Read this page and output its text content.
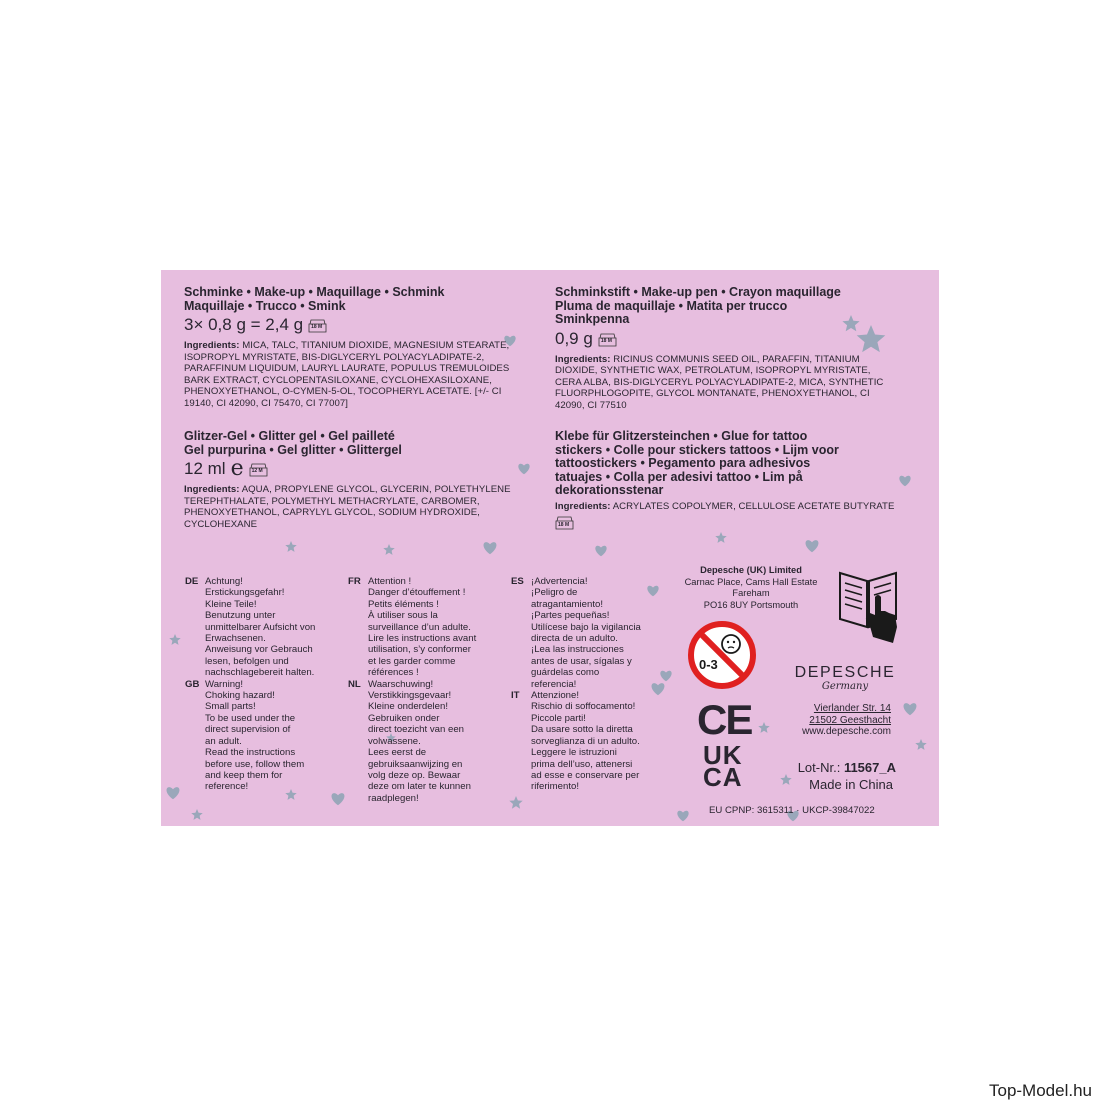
Schminke • Make-up • Maquillage • Schmink
Maquillaje • Trucco • Smink
3× 0,8 g = 2,4 g 18 M
Ingredients: MICA, TALC, TITANIUM DIOXIDE, MAGNESIUM STEARATE, ISOPROPYL MYRISTATE, BIS-DIGLYCERYL POLYACYLADIPATE-2, PARAFFINUM LIQUIDUM, LAURYL LAURATE, POPULUS TREMULOIDES BARK EXTRACT, CYCLOPENTASILOXANE, CYCLOHEXASILOXANE, PHENOXYETHANOL, O-CYMEN-5-OL, TOCOPHERYL ACETATE. [+/- CI 19140, CI 42090, CI 75470, CI 77007]
Schminkstift • Make-up pen • Crayon maquillage
Pluma de maquillaje • Matita per trucco
Sminkpenna
0,9 g 18 M
Ingredients: RICINUS COMMUNIS SEED OIL, PARAFFIN, TITANIUM DIOXIDE, SYNTHETIC WAX, PETROLATUM, ISOPROPYL MYRISTATE, CERA ALBA, BIS-DIGLYCERYL POLYACYLADIPATE-2, MICA, SYNTHETIC FLUORPHLOGOPITE, GLYCOL MONTANATE, PHENOXYETHANOL, CI 42090, CI 77510
Glitzer-Gel • Glitter gel • Gel pailleté
Gel purpurina • Gel glitter • Glittergel
12 ml e 12 M
Ingredients: AQUA, PROPYLENE GLYCOL, GLYCERIN, POLYETHYLENE TEREPHTHALATE, POLYMETHYL METHACRYLATE, CARBOMER, PHENOXYETHANOL, CAPRYLYL GLYCOL, SODIUM HYDROXIDE, CYCLOHEXANE
Klebe für Glitzersteinchen • Glue for tattoo
stickers • Colle pour stickers tattoos • Lijm voor
tattoostickers • Pegamento para adhesivos
tatuajes • Colla per adesivi tattoo • Lim på
dekorationsstenar
Ingredients: ACRYLATES COPOLYMER, CELLULOSE ACETATE BUTYRATE
18 M
DE Achtung!
Erstickungsgefahr!
Kleine Teile!
Benutzung unter
unmittelbarer Aufsicht von
Erwachsenen.
Anweisung vor Gebrauch
lesen, befolgen und
nachschlagebereit halten.
GB Warning!
Choking hazard!
Small parts!
To be used under the
direct supervision of
an adult.
Read the instructions
before use, follow them
and keep them for
reference!
FR Attention !
Danger d’étouffement !
Petits éléments !
À utiliser sous la
surveillance d’un adulte.
Lire les instructions avant
utilisation, s’y conformer
et les garder comme
références !
NL Waarschuwing!
Verstikkingsgevaar!
Kleine onderdelen!
Gebruiken onder
direct toezicht van een
volwassene.
Lees eerst de
gebruiksaanwijzing en
volg deze op. Bewaar
deze om later te kunnen
raadplegen!
ES ¡Advertencia!
¡Peligro de
atragantamiento!
¡Partes pequeñas!
Utilícese bajo la vigilancia
directa de un adulto.
¡Lea las instrucciones
antes de usar, sígalas y
guárdelas como
referencia!
IT	Attenzione!
Rischio di soffocamento!
Piccole parti!
Da usare sotto la diretta
sorveglianza di un adulto.
Leggere le istruzioni
prima dell’uso, attenersi
ad esse e conservare per
riferimento!
Depesche (UK) Limited
Carnac Place, Cams Hall Estate
Fareham
PO16 8UY Portsmouth
0-3
CE
UK
CA
DEPESCHE
Germany
Vierlander Str. 14
21502 Geesthacht
www.depesche.com
Lot-Nr.: 11567_A
Made in China
EU CPNP: 3615311 · UKCP-39847022
Top-Model.hu
